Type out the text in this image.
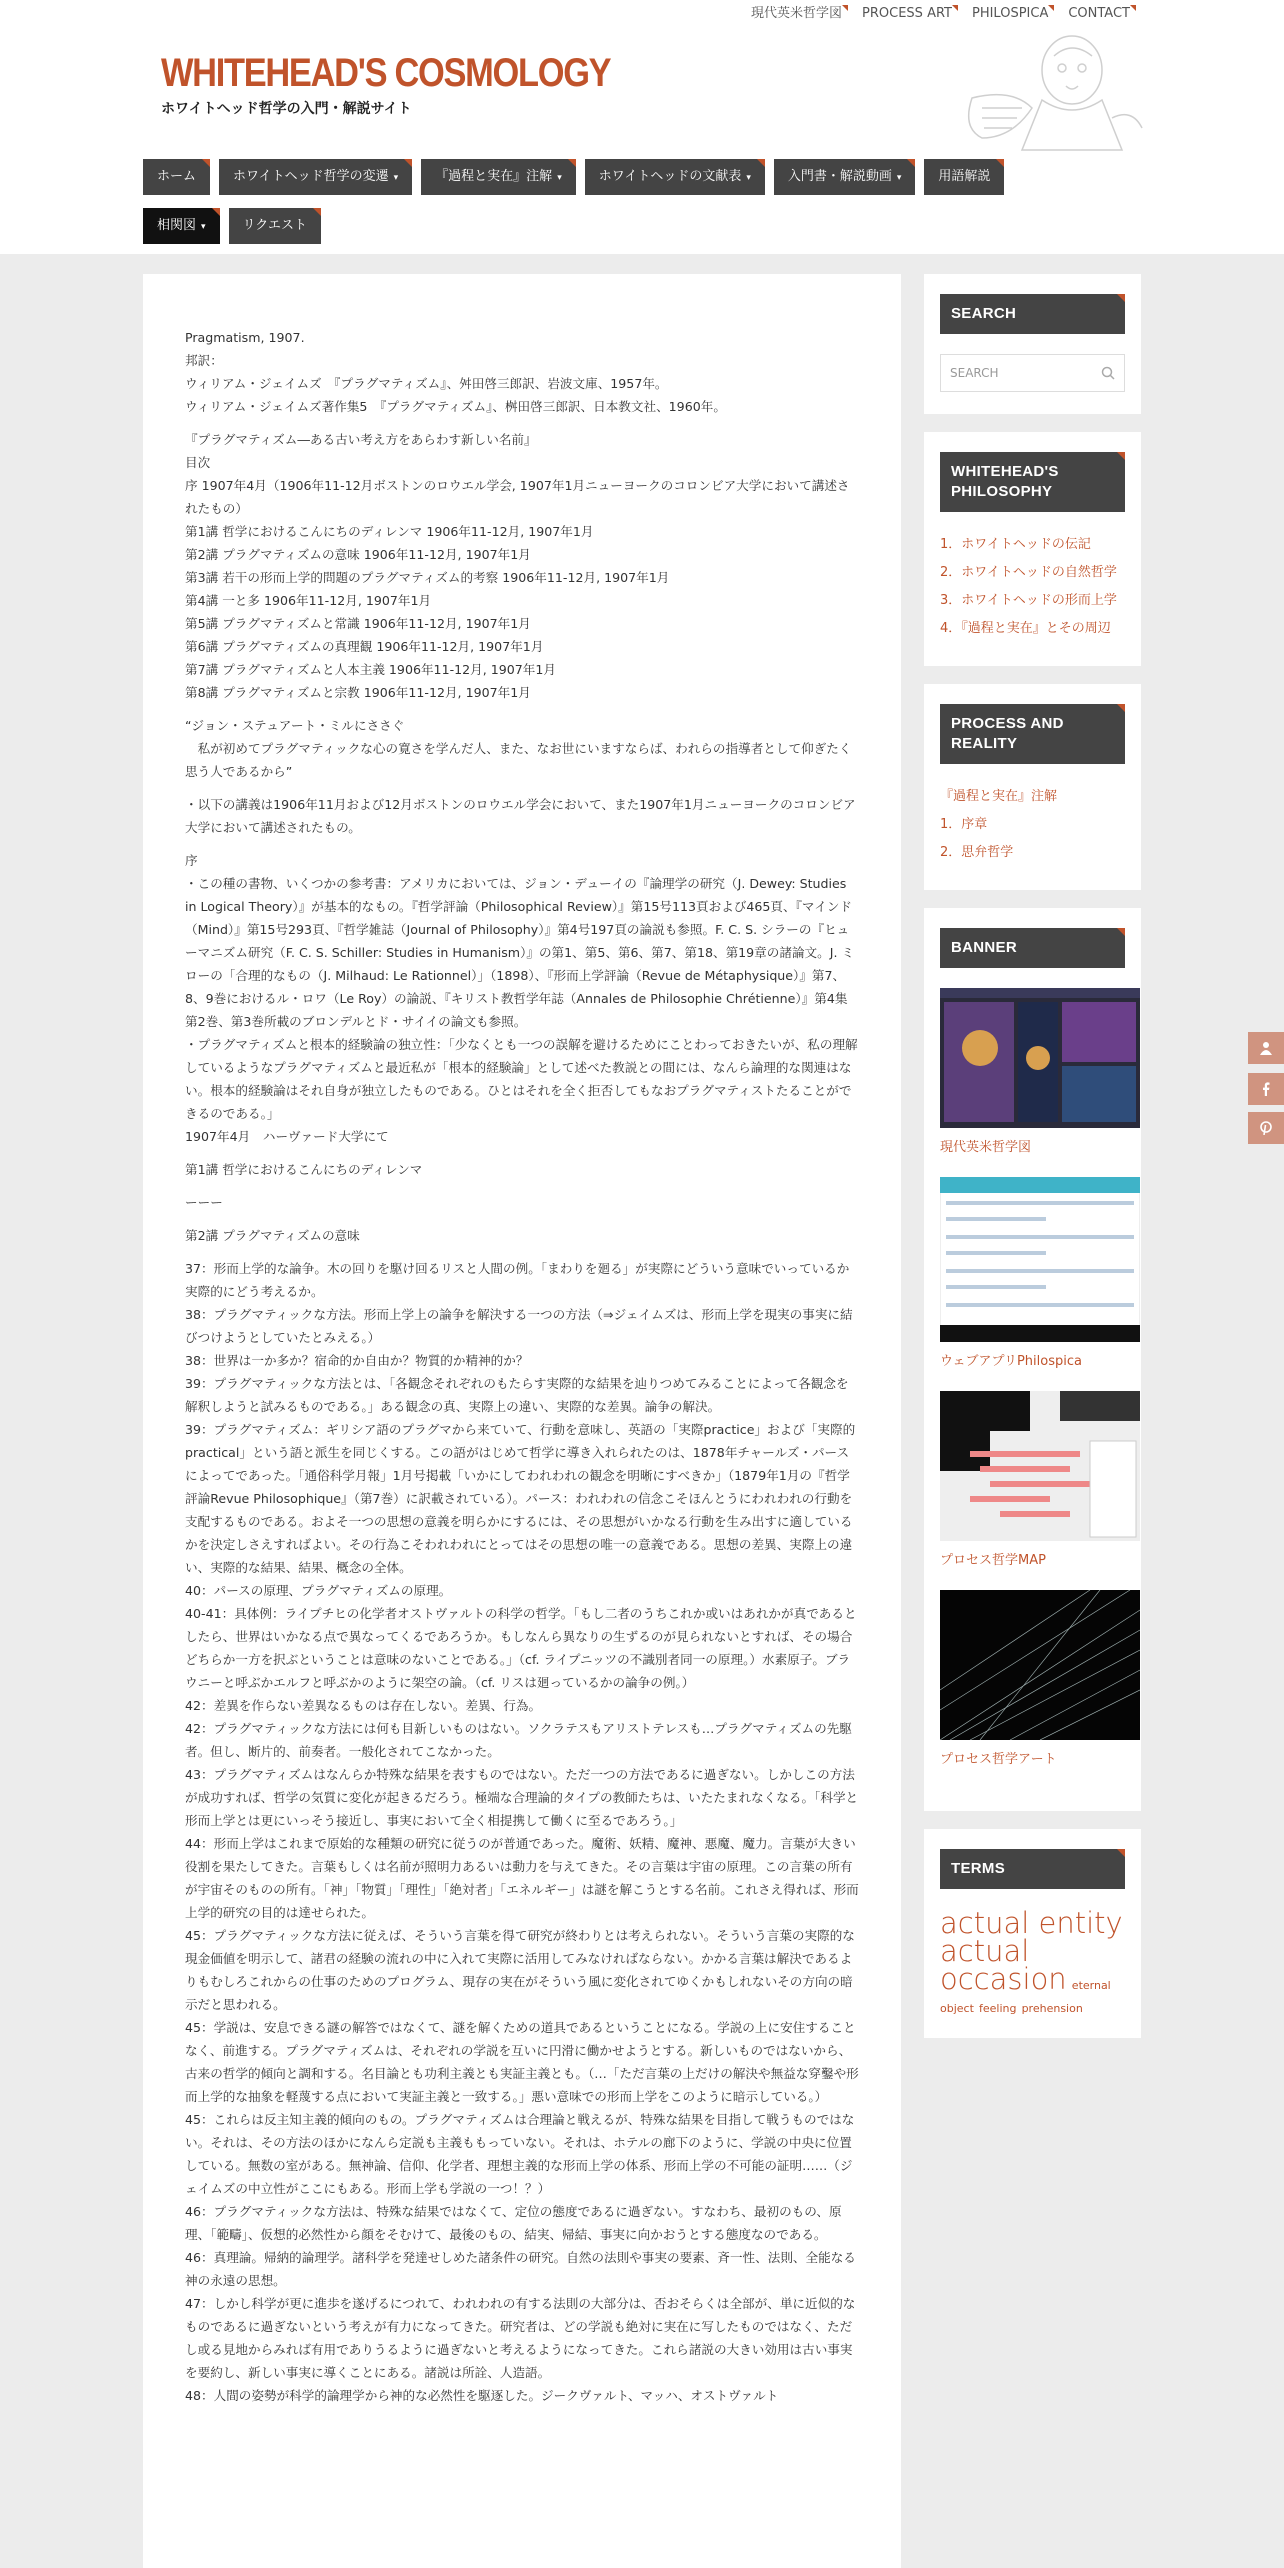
現代英米哲学図	PROCESS ART	PHILOSPICA	CONTACT
WHITEHEAD'S COSMOLOGY
ホワイトヘッド哲学の入門・解説サイト
ホーム	ホワイトヘッド哲学の変遷 ▾	『過程と実在』注解 ▾	ホワイトヘッドの文献表 ▾	入門書・解説動画 ▾	用語解説
相関図 ▾	リクエスト

Pragmatism, 1907.
邦訳：
ウィリアム・ジェイムズ　『プラグマティズム』、舛田啓三郎訳、岩波文庫、1957年。
ウィリアム・ジェイムズ著作集5　『プラグマティズム』、桝田啓三郎訳、日本教文社、1960年。

『プラグマティズム―ある古い考え方をあらわす新しい名前』
目次
序 1907年4月（1906年11-12月ボストンのロウエル学会, 1907年1月ニューヨークのコロンビア大学において講述されたもの）
第1講 哲学におけるこんにちのディレンマ 1906年11-12月, 1907年1月
第2講 プラグマティズムの意味 1906年11-12月, 1907年1月
第3講 若干の形而上学的問題のプラグマティズム的考察 1906年11-12月, 1907年1月
第4講 一と多 1906年11-12月, 1907年1月
第5講 プラグマティズムと常識 1906年11-12月, 1907年1月
第6講 プラグマティズムの真理観 1906年11-12月, 1907年1月
第7講 プラグマティズムと人本主義 1906年11-12月, 1907年1月
第8講 プラグマティズムと宗教 1906年11-12月, 1907年1月

“ジョン・ステュアート・ミルにささぐ
　私が初めてプラグマティックな心の寛さを学んだ人、また、なお世にいますならば、われらの指導者として仰ぎたく思う人であるから”

・以下の講義は1906年11月および12月ボストンのロウエル学会において、また1907年1月ニューヨークのコロンビア大学において講述されたもの。

序
・この種の書物、いくつかの参考書：アメリカにおいては、ジョン・デューイの『論理学の研究（J. Dewey: Studies in Logical Theory）』が基本的なもの。『哲学評論（Philosophical Review）』第15号113頁および465頁、『マインド（Mind）』第15号293頁、『哲学雑誌（Journal of Philosophy）』第4号197頁の論説も参照。F. C. S. シラーの『ヒューマニズム研究（F. C. S. Schiller: Studies in Humanism）』の第1、第5、第6、第7、第18、第19章の諸論文。J. ミローの「合理的なもの（J. Milhaud: Le Rationnel）」（1898）、『形而上学評論（Revue de Métaphysique）』第7、8、9巻におけるル・ロワ（Le Roy）の論説、『キリスト教哲学年誌（Annales de Philosophie Chrétienne）』第4集第2巻、第3巻所載のブロンデルとド・サイイの論文も参照。
・プラグマティズムと根本的経験論の独立性：「少なくとも一つの誤解を避けるためにことわっておきたいが、私の理解しているようなプラグマティズムと最近私が「根本的経験論」として述べた教説との間には、なんら論理的な関連はない。根本的経験論はそれ自身が独立したものである。ひとはそれを全く拒否してもなおプラグマティストたることができるのである。」
1907年4月　ハーヴァード大学にて

第1講 哲学におけるこんにちのディレンマ

ーーー

第2講 プラグマティズムの意味

37：形而上学的な論争。木の回りを駆け回るリスと人間の例。「まわりを廻る」が実際にどういう意味でいっているか実際的にどう考えるか。
38：プラグマティックな方法。形而上学上の論争を解決する一つの方法（⇒ジェイムズは、形而上学を現実の事実に結びつけようとしていたとみえる。）
38：世界は一か多か？宿命的か自由か？物質的か精神的か？
39：プラグマティックな方法とは、「各観念それぞれのもたらす実際的な結果を辿りつめてみることによって各観念を解釈しようと試みるものである。」ある観念の真、実際上の違い、実際的な差異。論争の解決。
39：プラグマティズム：ギリシア語のプラグマから来ていて、行動を意味し、英語の「実際practice」および「実際的practical」という語と派生を同じくする。この語がはじめて哲学に導き入れられたのは、1878年チャールズ・パースによってであった。「通俗科学月報」1月号掲載「いかにしてわれわれの観念を明晰にすべきか」（1879年1月の『哲学評論Revue Philosophique』（第7巻）に訳載されている）。パース：われわれの信念こそほんとうにわれわれの行動を支配するものである。およそ一つの思想の意義を明らかにするには、その思想がいかなる行動を生み出すに適しているかを決定しさえすればよい。その行為こそわれわれにとってはその思想の唯一の意義である。思想の差異、実際上の違い、実際的な結果、結果、概念の全体。
40：パースの原理、プラグマティズムの原理。
40-41：具体例：ライプチヒの化学者オストヴァルトの科学の哲学。「もし二者のうちこれか或いはあれかが真であるとしたら、世界はいかなる点で異なってくるであろうか。もしなんら異なりの生ずるのが見られないとすれば、その場合どちらか一方を択ぶということは意味のないことである。」（cf. ライプニッツの不識別者同一の原理。）水素原子。ブラウニーと呼ぶかエルフと呼ぶかのように架空の論。（cf. リスは廻っているかの論争の例。）
42：差異を作らない差異なるものは存在しない。差異、行為。
42：プラグマティックな方法には何も目新しいものはない。ソクラテスもアリストテレスも…プラグマティズムの先駆者。但し、断片的、前奏者。一般化されてこなかった。
43：プラグマティズムはなんらか特殊な結果を表すものではない。ただ一つの方法であるに過ぎない。しかしこの方法が成功すれば、哲学の気質に変化が起きるだろう。極端な合理論的タイプの教師たちは、いたたまれなくなる。「科学と形而上学とは更にいっそう接近し、事実において全く相提携して働くに至るであろう。」
44：形而上学はこれまで原始的な種類の研究に従うのが普通であった。魔術、妖精、魔神、悪魔、魔力。言葉が大きい役割を果たしてきた。言葉もしくは名前が照明力あるいは動力を与えてきた。その言葉は宇宙の原理。この言葉の所有が宇宙そのものの所有。「神」「物質」「理性」「絶対者」「エネルギー」は謎を解こうとする名前。これさえ得れば、形而上学的研究の目的は達せられた。
45：プラグマティックな方法に従えば、そういう言葉を得て研究が終わりとは考えられない。そういう言葉の実際的な現金価値を明示して、諸君の経験の流れの中に入れて実際に活用してみなければならない。かかる言葉は解決であるよりもむしろこれからの仕事のためのプログラム、現存の実在がそういう風に変化されてゆくかもしれないその方向の暗示だと思われる。
45：学説は、安息できる謎の解答ではなくて、謎を解くための道具であるということになる。学説の上に安住することなく、前進する。プラグマティズムは、それぞれの学説を互いに円滑に働かせようとする。新しいものではないから、古来の哲学的傾向と調和する。名目論とも功利主義とも実証主義とも。（…「ただ言葉の上だけの解決や無益な穿鑿や形而上学的な抽象を軽蔑する点において実証主義と一致する。」悪い意味での形而上学をこのように暗示している。）
45：これらは反主知主義的傾向のもの。プラグマティズムは合理論と戦えるが、特殊な結果を目指して戦うものではない。それは、その方法のほかになんら定説も主義ももっていない。それは、ホテルの廊下のように、学説の中央に位置している。無数の室がある。無神論、信仰、化学者、理想主義的な形而上学の体系、形而上学の不可能の証明……（ジェイムズの中立性がここにもある。形而上学も学説の一つ！？）
46：プラグマティックな方法は、特殊な結果ではなくて、定位の態度であるに過ぎない。すなわち、最初のもの、原理、「範疇」、仮想的必然性から顔をそむけて、最後のもの、結実、帰結、事実に向かおうとする態度なのである。
46：真理論。帰納的論理学。諸科学を発達せしめた諸条件の研究。自然の法則や事実の要素、斉一性、法則、全能なる神の永遠の思想。
47：しかし科学が更に進歩を遂げるにつれて、われわれの有する法則の大部分は、否おそらくは全部が、単に近似的なものであるに過ぎないという考えが有力になってきた。研究者は、どの学説も絶対に実在に写したものではなく、ただし或る見地からみれば有用でありうるように過ぎないと考えるようになってきた。これら諸説の大きい効用は古い事実を要約し、新しい事実に導くことにある。諸説は所詮、人造語。
48：人間の姿勢が科学的論理学から神的な必然性を駆逐した。ジークヴァルト、マッハ、オストヴァルト

SEARCH
SEARCH
WHITEHEAD'S PHILOSOPHY
1．ホワイトヘッドの伝記
2．ホワイトヘッドの自然哲学
3．ホワイトヘッドの形而上学
4．『過程と実在』とその周辺
PROCESS AND REALITY
『過程と実在』注解
1．序章
2．思弁哲学
BANNER
現代英米哲学図
ウェブアプリPhilospica
プロセス哲学MAP
プロセス哲学アート
TERMS
actual entity
actual occasion eternal
object feeling prehension
